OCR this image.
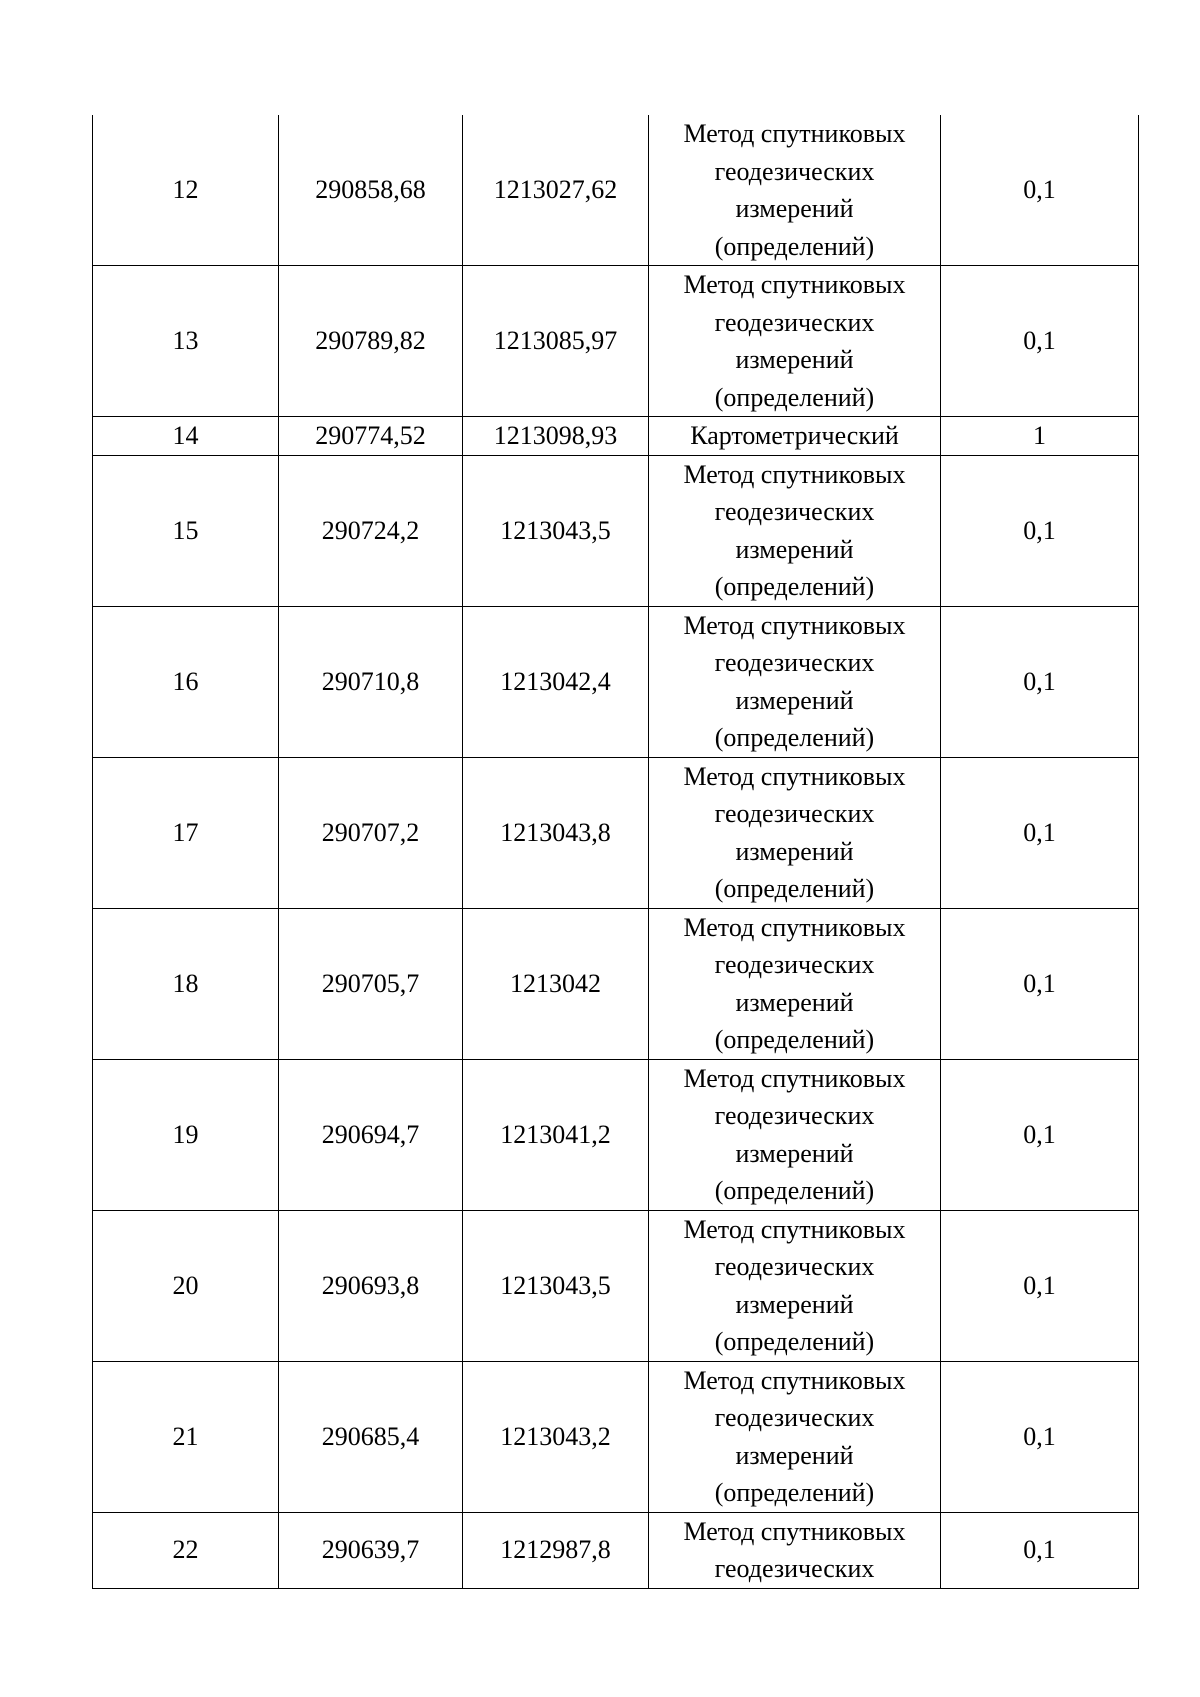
12	290858,68	1213027,62	Метод спутниковых
геодезических
измерений
(определений)	0,1
13	290789,82	1213085,97	Метод спутниковых
геодезических
измерений
(определений)	0,1
14	290774,52	1213098,93	Картометрический	1
15	290724,2	1213043,5	Метод спутниковых
геодезических
измерений
(определений)	0,1
16	290710,8	1213042,4	Метод спутниковых
геодезических
измерений
(определений)	0,1
17	290707,2	1213043,8	Метод спутниковых
геодезических
измерений
(определений)	0,1
18	290705,7	1213042	Метод спутниковых
геодезических
измерений
(определений)	0,1
19	290694,7	1213041,2	Метод спутниковых
геодезических
измерений
(определений)	0,1
20	290693,8	1213043,5	Метод спутниковых
геодезических
измерений
(определений)	0,1
21	290685,4	1213043,2	Метод спутниковых
геодезических
измерений
(определений)	0,1
22	290639,7	1212987,8	Метод спутниковых
геодезических	0,1
